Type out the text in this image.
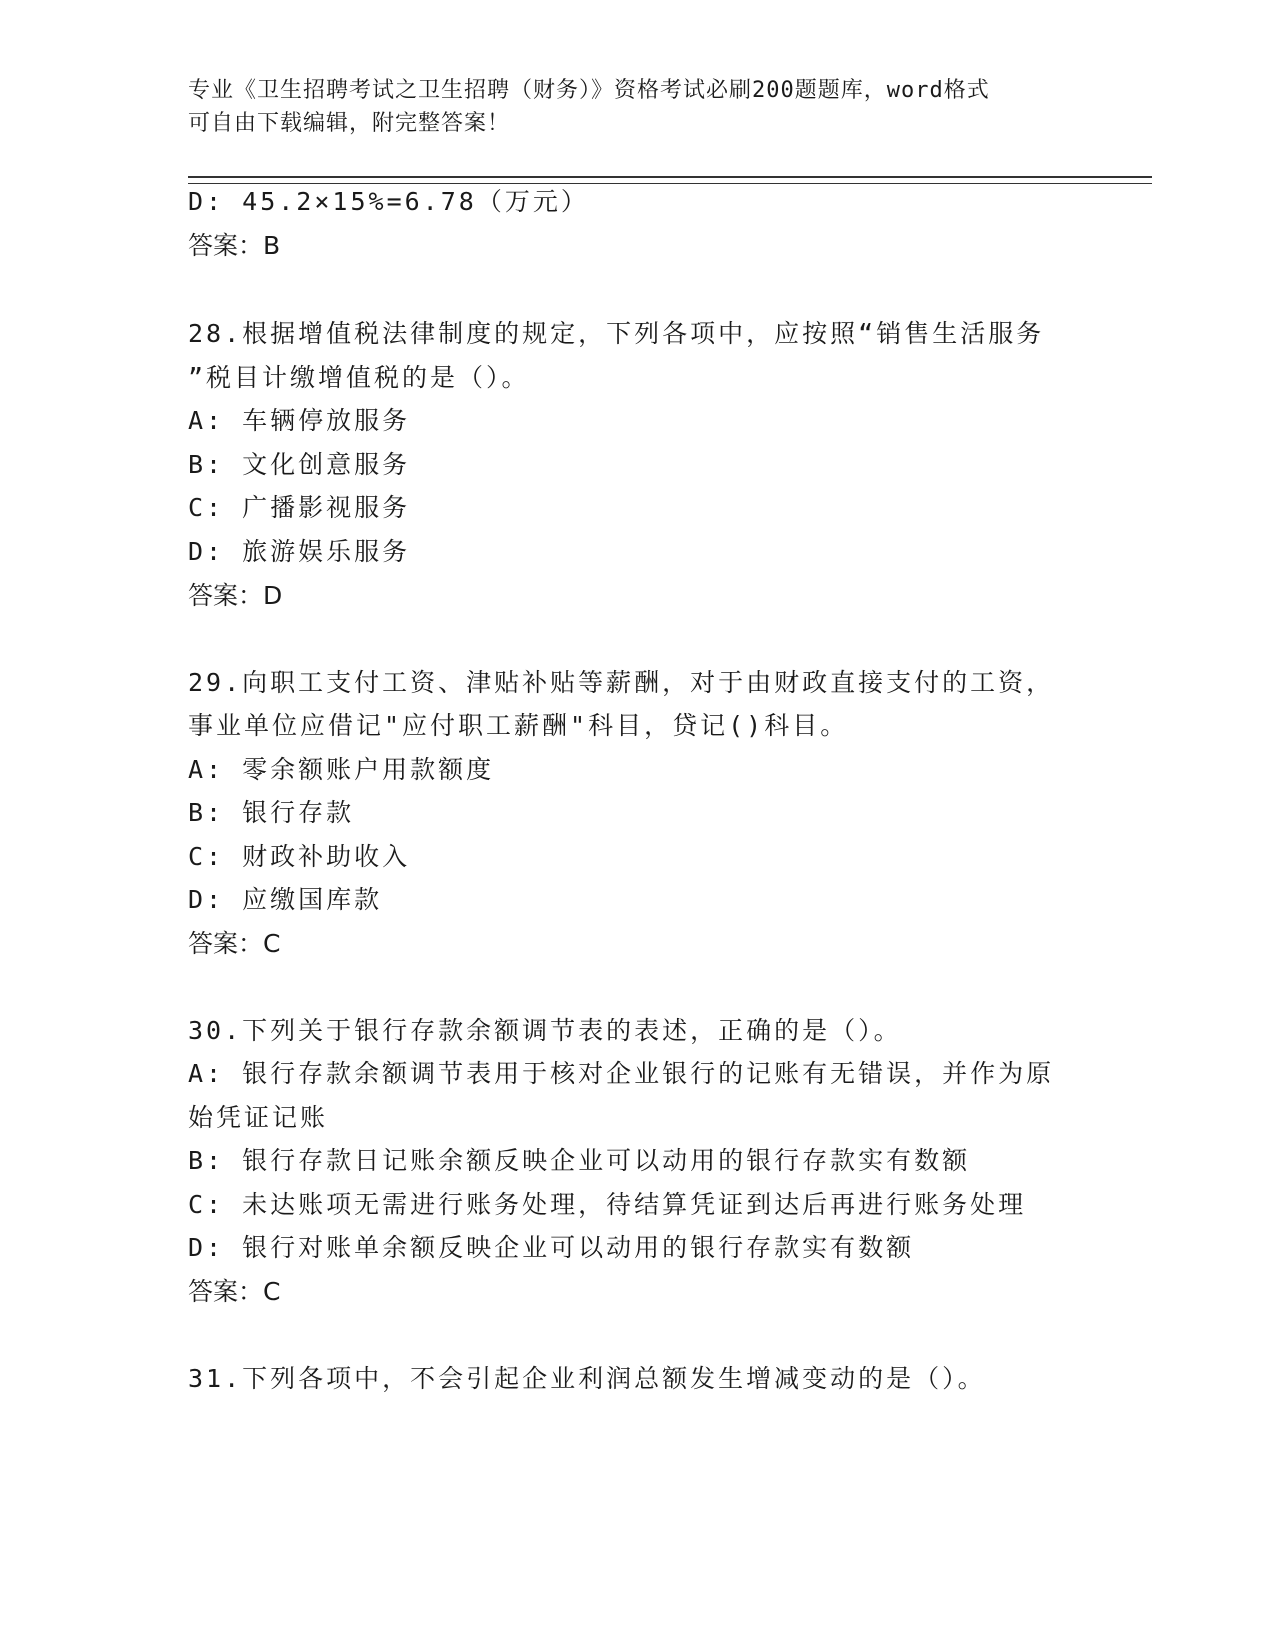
专业《卫生招聘考试之卫生招聘（财务）》资格考试必刷200题题库，word格式
可自由下载编辑，附完整答案！
D: 45.2×15%=6.78（万元）
答案：B
28.根据增值税法律制度的规定，下列各项中，应按照“销售生活服务
”税目计缴增值税的是（）。
A: 车辆停放服务
B: 文化创意服务
C: 广播影视服务
D: 旅游娱乐服务
答案：D
29.向职工支付工资、津贴补贴等薪酬，对于由财政直接支付的工资，
事业单位应借记"应付职工薪酬"科目，贷记()科目。
A: 零余额账户用款额度
B: 银行存款
C: 财政补助收入
D: 应缴国库款
答案：C
30.下列关于银行存款余额调节表的表述，正确的是（）。
A: 银行存款余额调节表用于核对企业银行的记账有无错误，并作为原
始凭证记账
B: 银行存款日记账余额反映企业可以动用的银行存款实有数额
C: 未达账项无需进行账务处理，待结算凭证到达后再进行账务处理
D: 银行对账单余额反映企业可以动用的银行存款实有数额
答案：C
31.下列各项中，不会引起企业利润总额发生增减变动的是（）。
